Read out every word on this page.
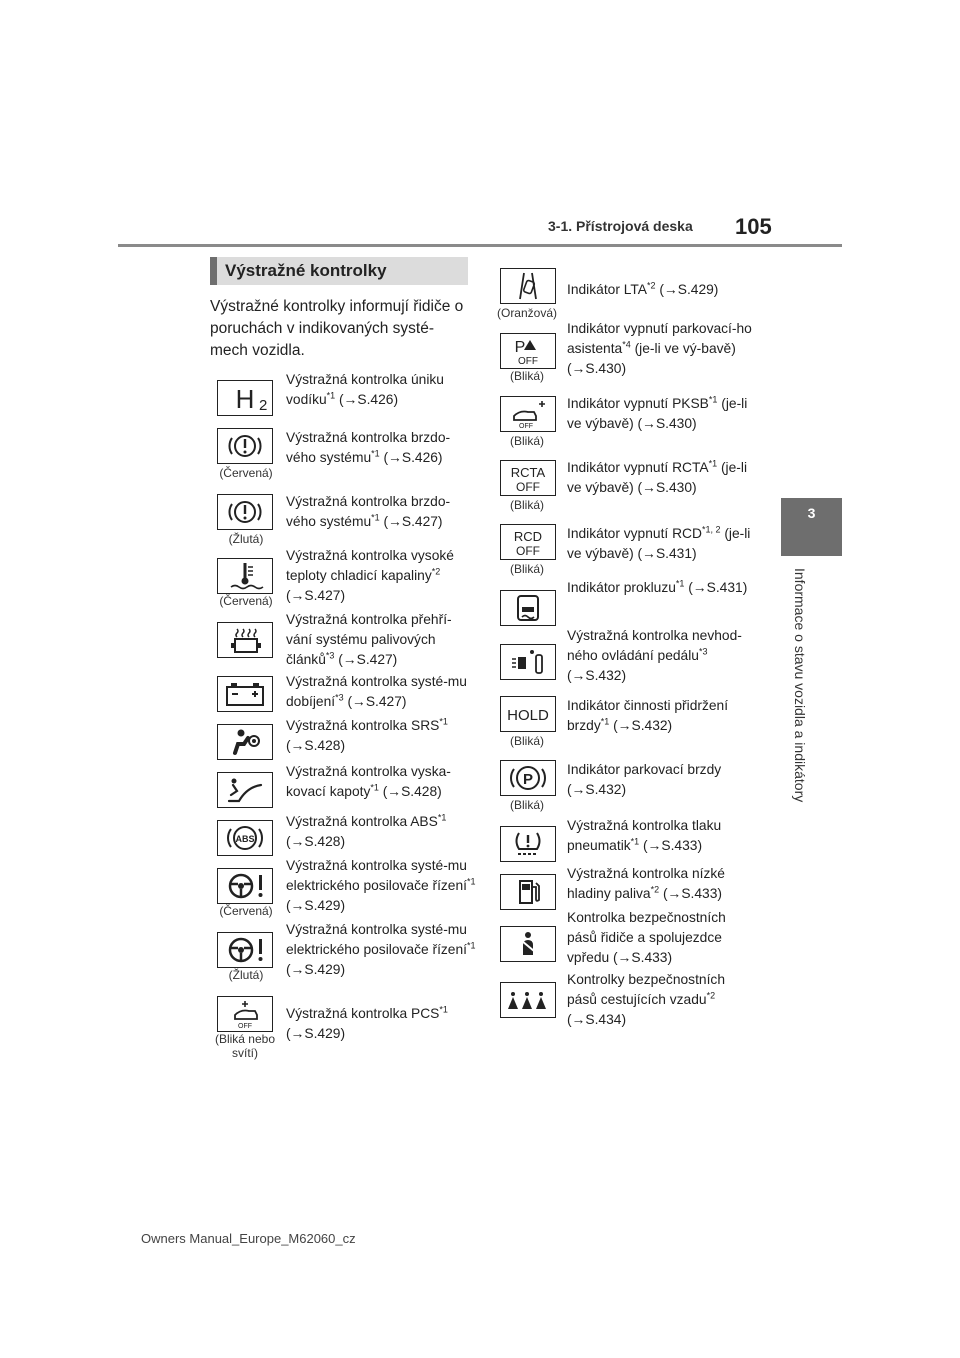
3-1. Přístrojová deska 105
3
Informace o stavu vozidla a indikátory
Výstražné kontrolky
Výstražné kontrolky informují řidiče o poruchách v indikovaných systé-mech vozidla.
H 2
Výstražná kontrolka úniku vodíku$^{*1}$ (→S.426)
(Červená)
Výstražná kontrolka brzdo-vého systému$^{*1}$ (→S.426)
(Žlutá)
Výstražná kontrolka brzdo-vého systému$^{*1}$ (→S.427)
(Červená)
Výstražná kontrolka vysoké teploty chladicí kapaliny$^{*2}$ (→S.427)
Výstražná kontrolka přehří-vání systému palivových článků$^{*3}$ (→S.427)
Výstražná kontrolka systé-mu dobíjení$^{*3}$ (→S.427)
Výstražná kontrolka SRS$^{*1}$ (→S.428)
Výstražná kontrolka vyska-kovací kapoty$^{*1}$ (→S.428)
ABS
Výstražná kontrolka ABS$^{*1}$ (→S.428)
(Červená)
Výstražná kontrolka systé-mu elektrického posilovače řízení$^{*1}$ (→S.429)
(Žlutá)
Výstražná kontrolka systé-mu elektrického posilovače řízení$^{*1}$ (→S.429)
OFF
(Bliká nebo svítí)
Výstražná kontrolka PCS$^{*1}$ (→S.429)
(Oranžová)
Indikátor LTA$^{*2}$ (→S.429)
P
OFF
(Bliká)
Indikátor vypnutí parkovací-ho asistenta$^{*4}$ (je-li ve vý-bavě) (→S.430)
OFF
(Bliká)
Indikátor vypnutí PKSB$^{*1}$ (je-li ve výbavě) (→S.430)
RCTA
OFF
(Bliká)
Indikátor vypnutí RCTA$^{*1}$ (je-li ve výbavě) (→S.430)
RCD
OFF
(Bliká)
Indikátor vypnutí RCD$^{*1, 2}$ (je-li ve výbavě) (→S.431)
Indikátor prokluzu$^{*1}$ (→S.431)
Výstražná kontrolka nevhod-ného ovládání pedálu$^{*3}$ (→S.432)
HOLD
(Bliká)
Indikátor činnosti přidržení brzdy$^{*1}$ (→S.432)
P
(Bliká)
Indikátor parkovací brzdy (→S.432)
Výstražná kontrolka tlaku pneumatik$^{*1}$ (→S.433)
Výstražná kontrolka nízké hladiny paliva$^{*2}$ (→S.433)
Kontrolka bezpečnostních pásů řidiče a spolujezdce vpředu (→S.433)
Kontrolky bezpečnostních pásů cestujících vzadu$^{*2}$ (→S.434)
Owners Manual_Europe_M62060_cz
